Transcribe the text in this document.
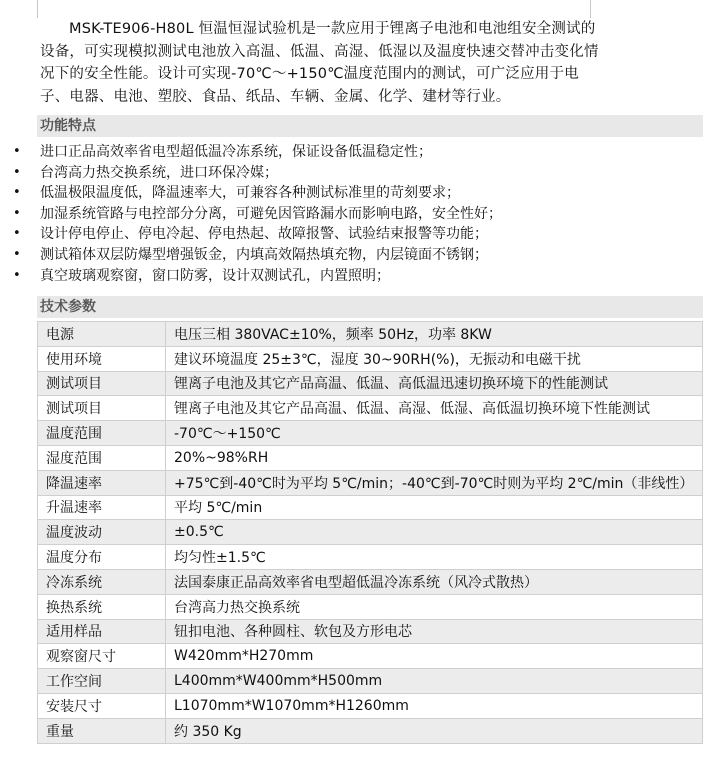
MSK-TE906-H80L 恒温恒湿试验机是一款应用于锂离子电池和电池组安全测试的设备，可实现模拟测试电池放入高温、低温、高湿、低湿以及温度快速交替冲击变化情况下的安全性能。设计可实现-70℃～+150℃温度范围内的测试，可广泛应用于电子、电器、电池、塑胶、食品、纸品、车辆、金属、化学、建材等行业。

功能特点
• 进口正品高效率省电型超低温冷冻系统，保证设备低温稳定性；
• 台湾高力热交换系统，进口环保冷媒；
• 低温极限温度低，降温速率大，可兼容各种测试标准里的苛刻要求；
• 加湿系统管路与电控部分分离，可避免因管路漏水而影响电路，安全性好；
• 设计停电停止、停电冷起、停电热起、故障报警、试验结束报警等功能；
• 测试箱体双层防爆型增强钣金，内填高效隔热填充物，内层镜面不锈钢；
• 真空玻璃观察窗，窗口防雾，设计双测试孔，内置照明；
技术参数
电源	电压三相 380VAC±10%，频率 50Hz，功率 8KW
使用环境	建议环境温度 25±3℃，湿度 30~90RH(%)，无振动和电磁干扰
测试项目	锂离子电池及其它产品高温、低温、高低温迅速切换环境下的性能测试
测试项目	锂离子电池及其它产品高温、低温、高湿、低湿、高低温切换环境下性能测试
温度范围	-70℃～+150℃
湿度范围	20%~98%RH
降温速率	+75℃到-40℃时为平均 5℃/min；-40℃到-70℃时则为平均 2℃/min（非线性）
升温速率	平均 5℃/min
温度波动	±0.5℃
温度分布	均匀性±1.5℃
冷冻系统	法国泰康正品高效率省电型超低温冷冻系统（风冷式散热）
换热系统	台湾高力热交换系统
适用样品	钮扣电池、各种圆柱、软包及方形电芯
观察窗尺寸	W420mm*H270mm
工作空间	L400mm*W400mm*H500mm
安装尺寸	L1070mm*W1070mm*H1260mm
重量	约 350 Kg
